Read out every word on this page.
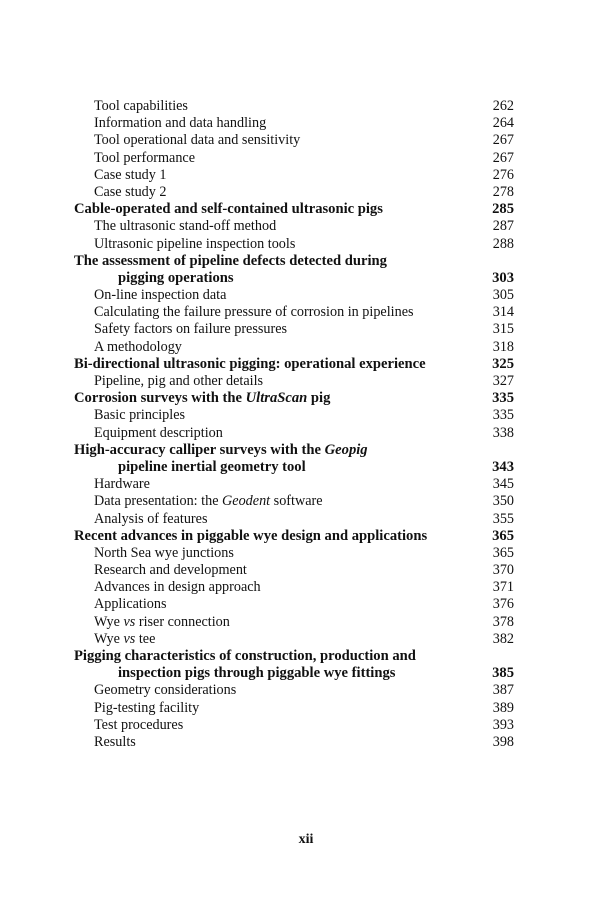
Tool capabilities	262
Information and data handling	264
Tool operational data and sensitivity	267
Tool performance	267
Case study 1	276
Case study 2	278
Cable-operated and self-contained ultrasonic pigs	285
The ultrasonic stand-off method	287
Ultrasonic pipeline inspection tools	288
The assessment of pipeline defects detected during
pigging operations	303
On-line inspection data	305
Calculating the failure pressure of corrosion in pipelines	314
Safety factors on failure pressures	315
A methodology	318
Bi-directional ultrasonic pigging: operational experience	325
Pipeline, pig and other details	327
Corrosion surveys with the UltraScan pig	335
Basic principles	335
Equipment description	338
High-accuracy calliper surveys with the Geopig
pipeline inertial geometry tool	343
Hardware	345
Data presentation: the Geodent software	350
Analysis of features	355
Recent advances in piggable wye design and applications	365
North Sea wye junctions	365
Research and development	370
Advances in design approach	371
Applications	376
Wye vs riser connection	378
Wye vs tee	382
Pigging characteristics of construction, production and
inspection pigs through piggable wye fittings	385
Geometry considerations	387
Pig-testing facility	389
Test procedures	393
Results	398
xii
